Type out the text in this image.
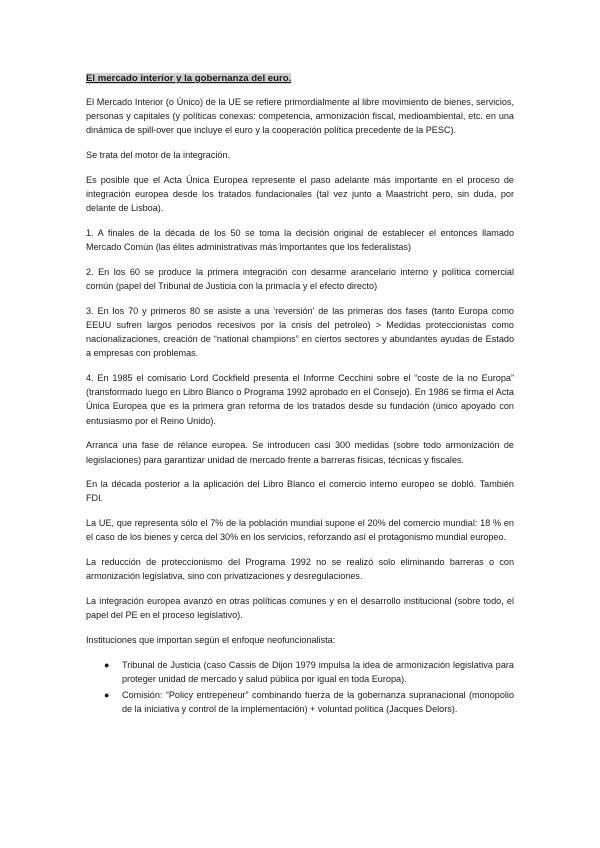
El mercado interior y la gobernanza del euro.

El Mercado Interior (o Único) de la UE se refiere primordialmente al libre movimiento de bienes, servicios, personas y capitales (y políticas conexas: competencia, armonización fiscal, medioambiental, etc. en una dinámica de spill-over que incluye el euro y la cooperación política precedente de la PESC).

Se trata del motor de la integración.

Es posible que el Acta Única Europea represente el paso adelante más importante en el proceso de integración europea desde los tratados fundacionales (tal vez junto a Maastricht pero, sin duda, por delante de Lisboa).

1. A finales de la década de los 50 se toma la decisión original de establecer el entonces llamado Mercado Común (las élites administrativas más importantes que los federalistas)

2. En los 60 se produce la primera integración con desarme arancelario interno y política comercial común (papel del Tribunal de Justicia con la primacía y el efecto directo)

3. En los 70 y primeros 80 se asiste a una ‘reversión’ de las primeras dos fases (tanto Europa como EEUU sufren largos periodos recesivos por la crisis del petroleo) > Medidas proteccionistas como nacionalizaciones, creación de “national champions” en ciertos sectores y abundantes ayudas de Estado a empresas con problemas.

4. En 1985 el comisario Lord Cockfield presenta el Informe Cecchini sobre el “coste de la no Europa” (transformado luego en Libro Blanco o Programa 1992 aprobado en el Consejo). En 1986 se firma el Acta Única Europea que es la primera gran reforma de los tratados desde su fundación (único apoyado con entusiasmo por el Reino Unido).

Arranca una fase de rélance europea. Se introducen casi 300 medidas (sobre todo armonización de legislaciones) para garantizar unidad de mercado frente a barreras físicas, técnicas y fiscales.

En la década posterior a la aplicación del Libro Blanco el comercio interno europeo se dobló. También FDI.

La UE, que representa sólo el 7% de la población mundial supone el 20% del comercio mundial: 18 % en el caso de los bienes y cerca del 30% en los servicios, reforzando así el protagonismo mundial europeo.

La reducción de proteccionismo del Programa 1992 no se realizó solo eliminando barreras o con armonización legislativa, sino con privatizaciones y desregulaciones.

La integración europea avanzó en otras políticas comunes y en el desarrollo institucional (sobre todo, el papel del PE en el proceso legislativo).

Instituciones que importan según el enfoque neofuncionalista:

● Tribunal de Justicia (caso Cassis de Dijon 1979 impulsa la idea de armonización legislativa para proteger unidad de mercado y salud pública por igual en toda Europa).
● Comisión: “Policy entrepeneur” combinando fuerza de la gobernanza supranacional (monopolio de la iniciativa y control de la implementación) + voluntad política (Jacques Delors).
